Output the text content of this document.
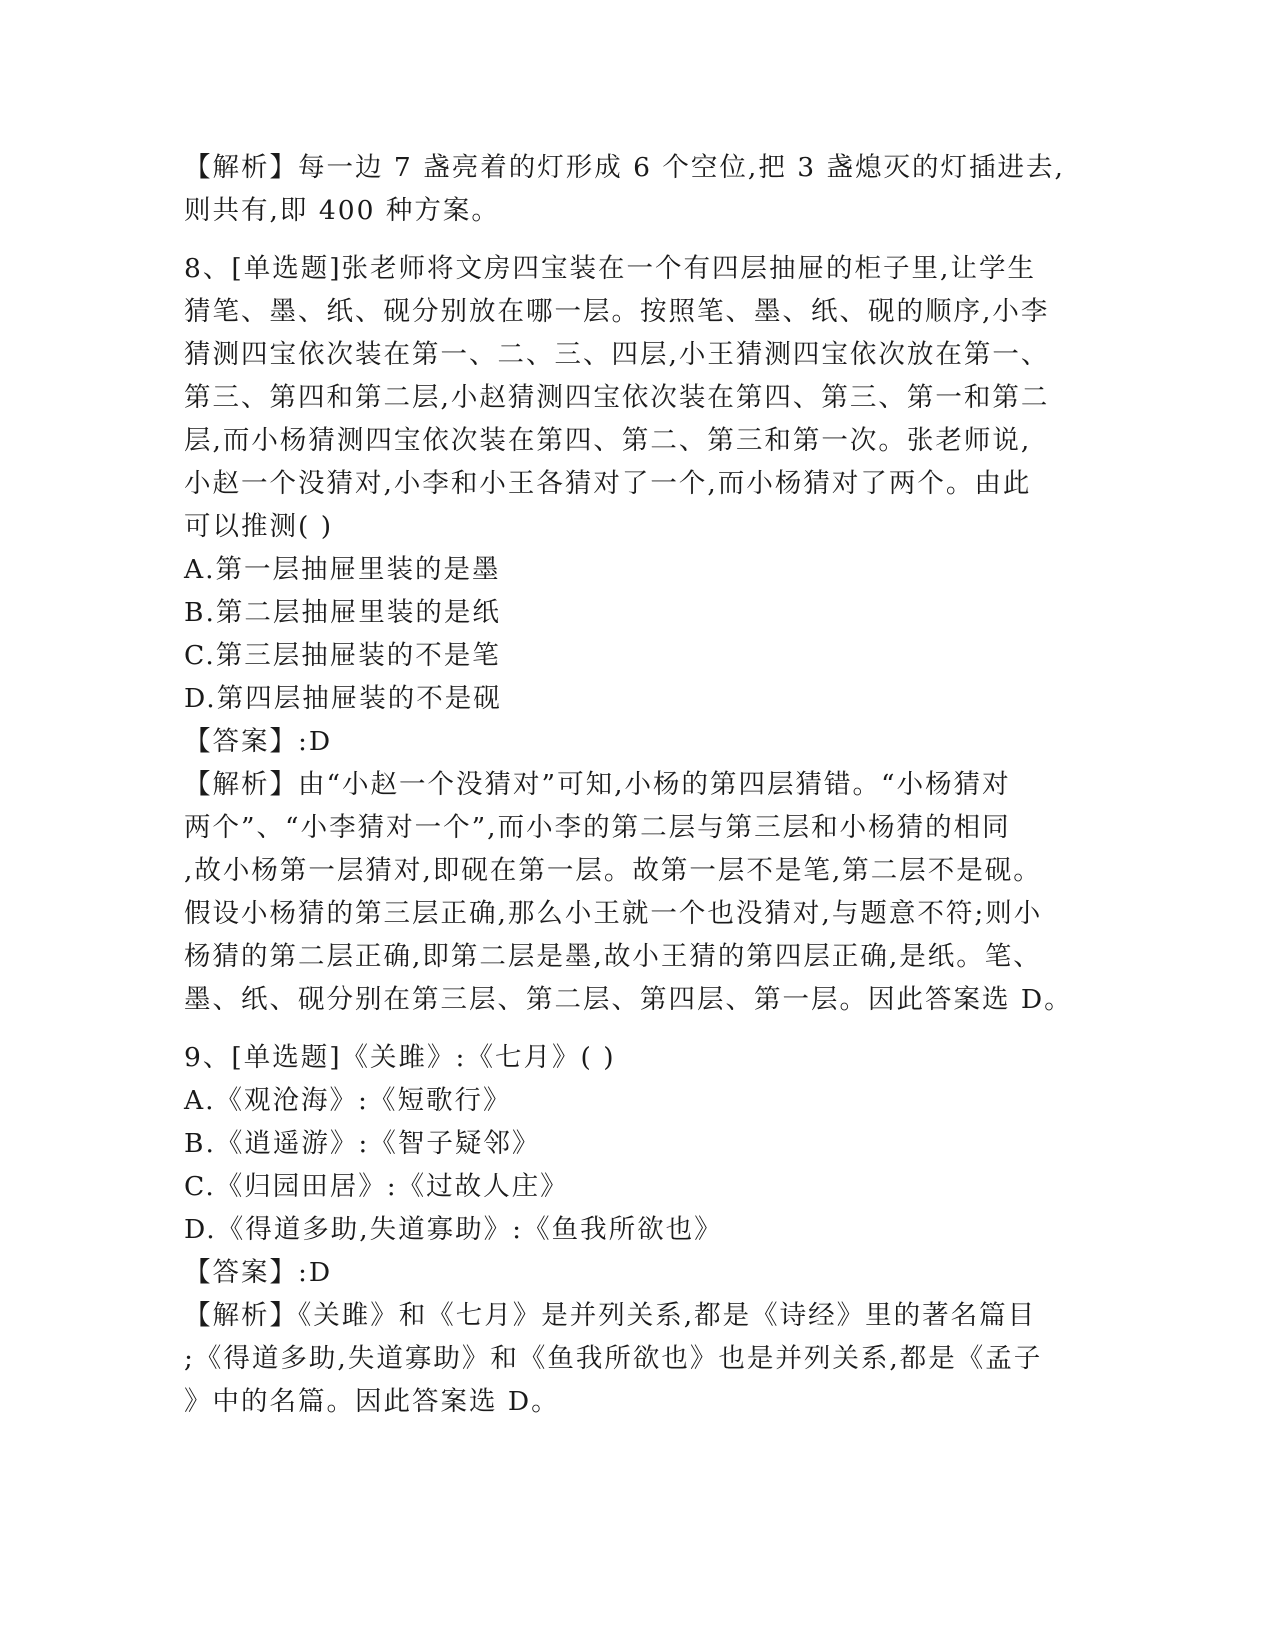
【解析】每一边 7 盏亮着的灯形成 6 个空位,把 3 盏熄灭的灯插进去,
则共有,即 400 种方案。
8、[单选题]张老师将文房四宝装在一个有四层抽屉的柜子里,让学生
猜笔、墨、纸、砚分别放在哪一层。按照笔、墨、纸、砚的顺序,小李
猜测四宝依次装在第一、二、三、四层,小王猜测四宝依次放在第一、
第三、第四和第二层,小赵猜测四宝依次装在第四、第三、第一和第二
层,而小杨猜测四宝依次装在第四、第二、第三和第一次。张老师说,
小赵一个没猜对,小李和小王各猜对了一个,而小杨猜对了两个。由此
可以推测( )
A.第一层抽屉里装的是墨
B.第二层抽屉里装的是纸
C.第三层抽屉装的不是笔
D.第四层抽屉装的不是砚
【答案】:D
【解析】由“小赵一个没猜对”可知,小杨的第四层猜错。“小杨猜对
两个”、“小李猜对一个”,而小李的第二层与第三层和小杨猜的相同
,故小杨第一层猜对,即砚在第一层。故第一层不是笔,第二层不是砚。
假设小杨猜的第三层正确,那么小王就一个也没猜对,与题意不符;则小
杨猜的第二层正确,即第二层是墨,故小王猜的第四层正确,是纸。笔、
墨、纸、砚分别在第三层、第二层、第四层、第一层。因此答案选 D。
9、[单选题]《关雎》:《七月》( )
A.《观沧海》:《短歌行》
B.《逍遥游》:《智子疑邻》
C.《归园田居》:《过故人庄》
D.《得道多助,失道寡助》:《鱼我所欲也》
【答案】:D
【解析】《关雎》和《七月》是并列关系,都是《诗经》里的著名篇目
;《得道多助,失道寡助》和《鱼我所欲也》也是并列关系,都是《孟子
》中的名篇。因此答案选 D。
